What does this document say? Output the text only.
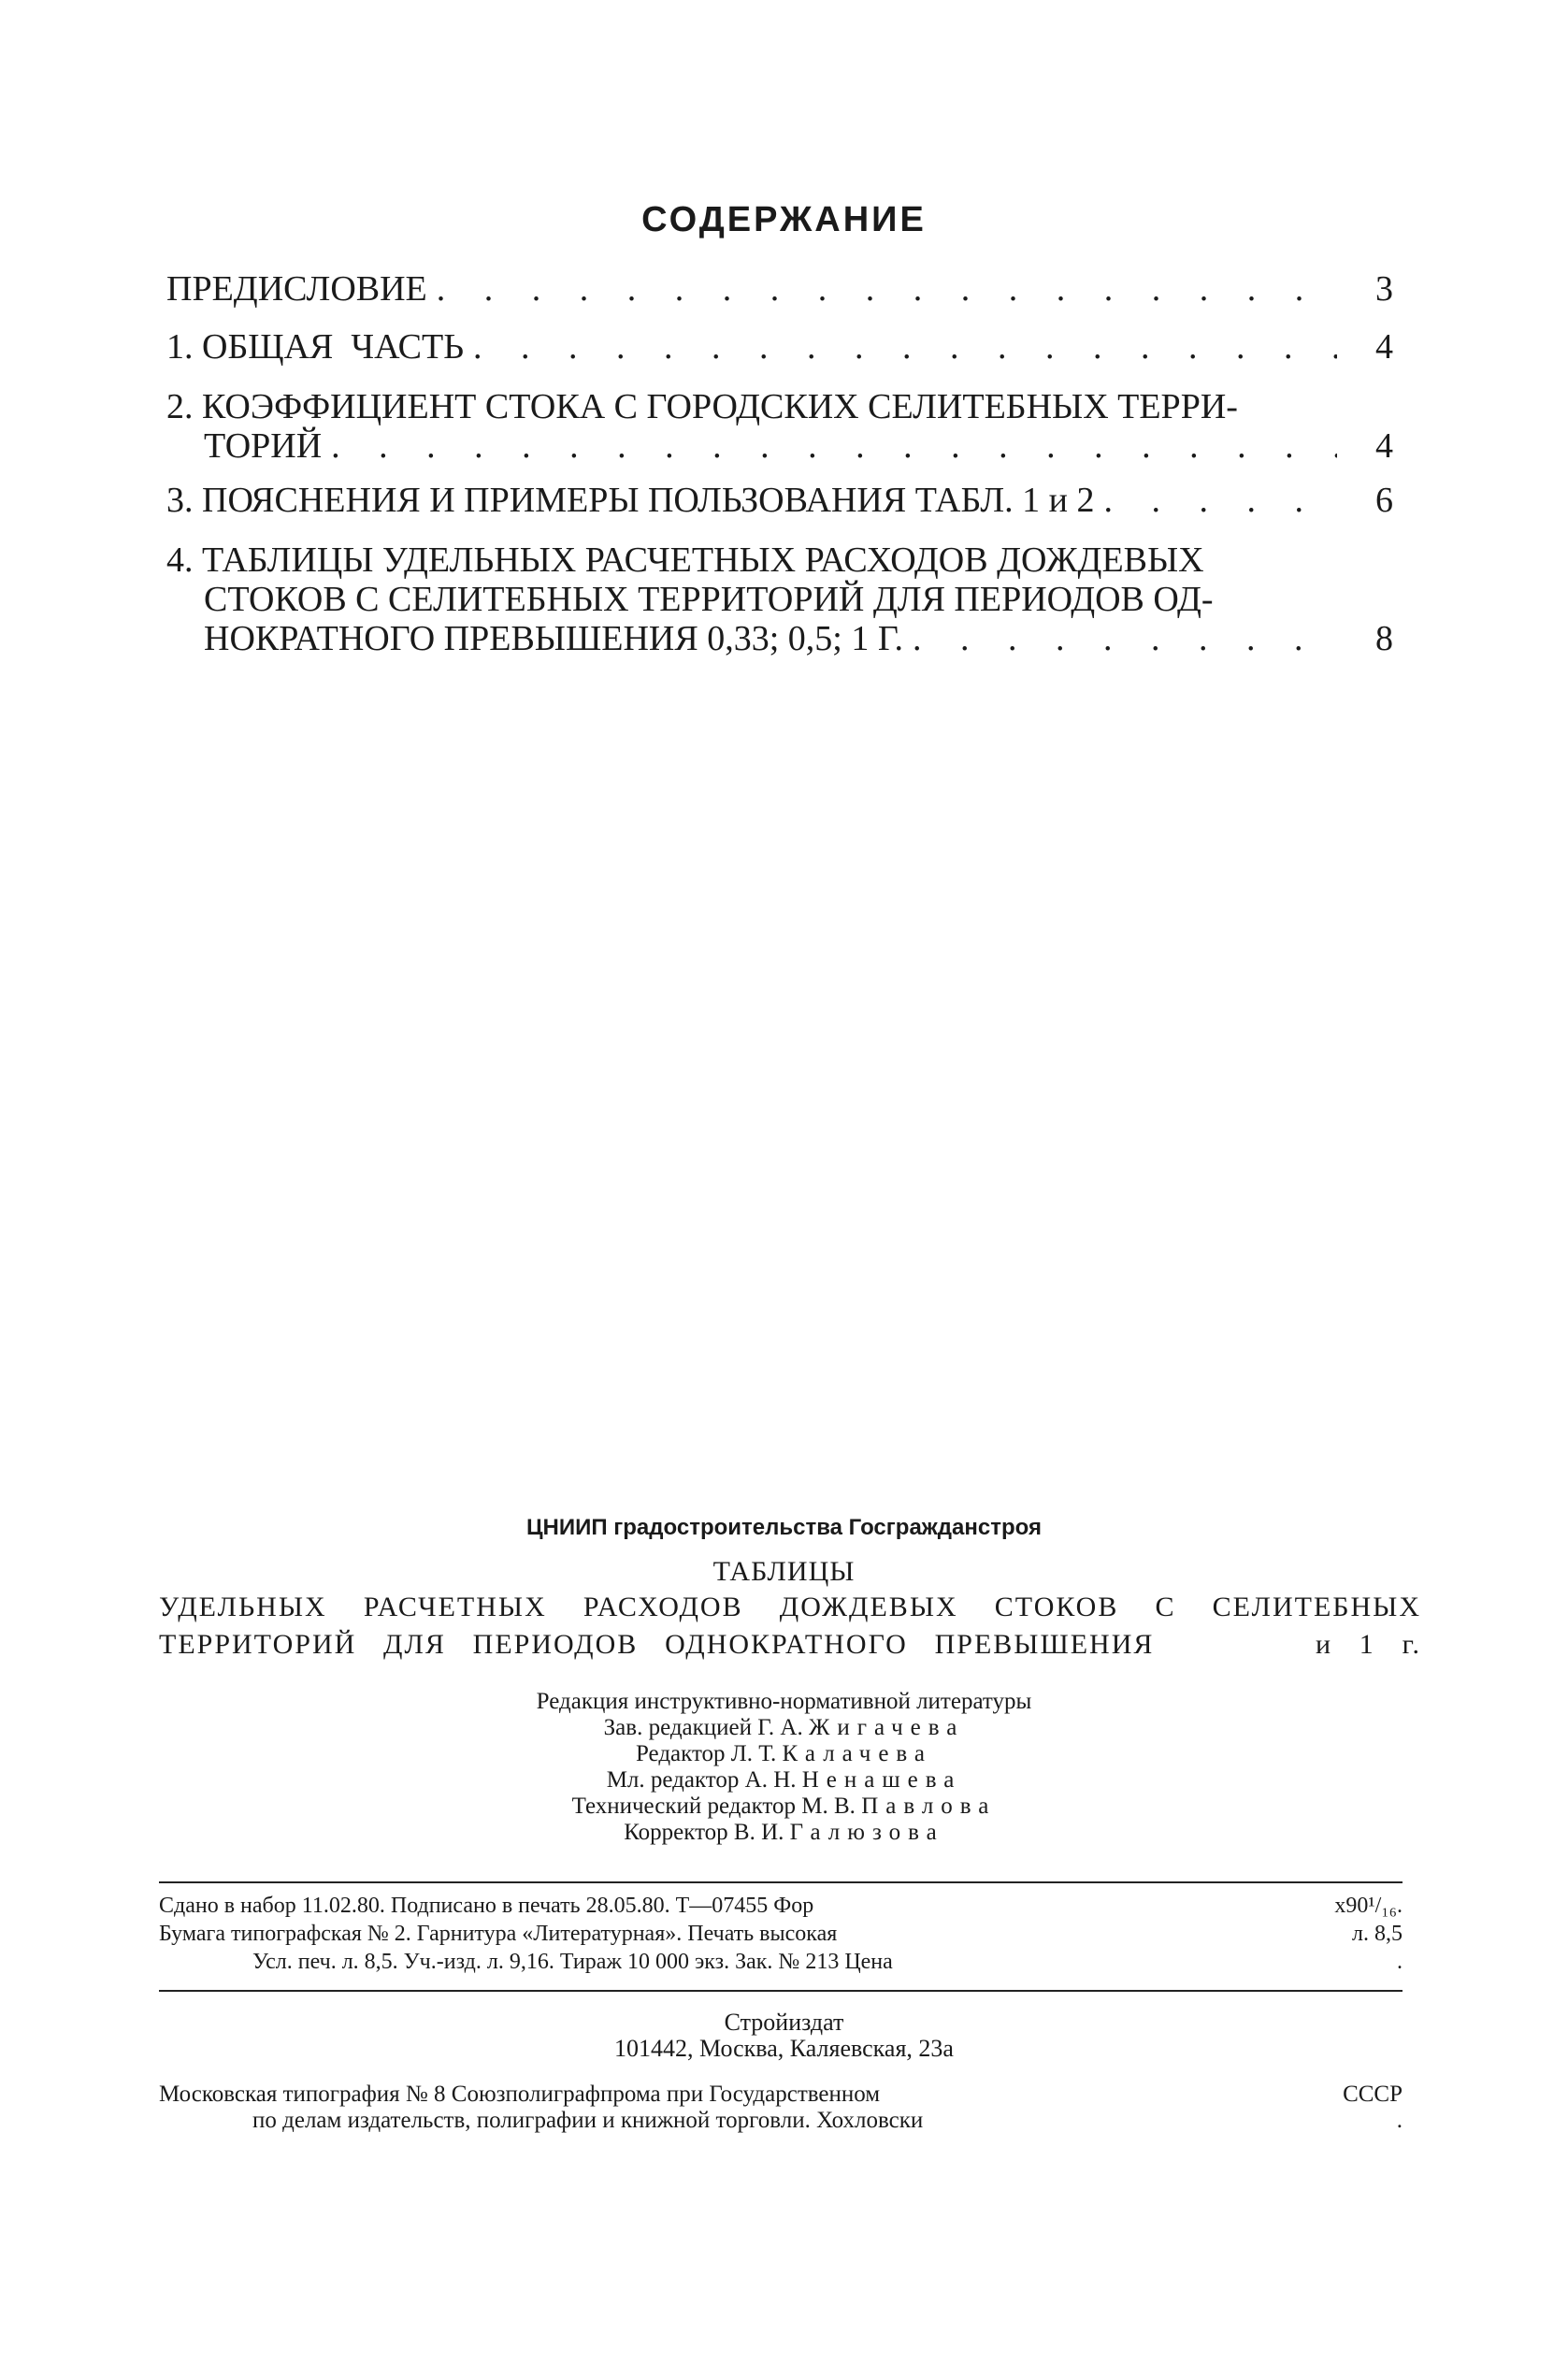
СОДЕРЖАНИЕ
ПРЕДИСЛОВИЕ . . .	3
1. ОБЩАЯ  ЧАСТЬ . . .	4
2. КОЭФФИЦИЕНТ СТОКА С ГОРОДСКИХ СЕЛИТЕБНЫХ ТЕРРИ-
ТОРИЙ . . .	4
3. ПОЯСНЕНИЯ И ПРИМЕРЫ ПОЛЬЗОВАНИЯ ТАБЛ. 1 и 2 . . .	6
4. ТАБЛИЦЫ УДЕЛЬНЫХ РАСЧЕТНЫХ РАСХОДОВ ДОЖДЕВЫХ
СТОКОВ С СЕЛИТЕБНЫХ ТЕРРИТОРИЙ ДЛЯ ПЕРИОДОВ ОД-
НОКРАТНОГО ПРЕВЫШЕНИЯ 0,33; 0,5; 1 Г. . . .	8
ЦНИИП градостроительства Госгражданстроя
ТАБЛИЦЫ
УДЕЛЬНЫХ РАСЧЕТНЫХ РАСХОДОВ ДОЖДЕВЫХ СТОКОВ С СЕЛИТЕБНЫХ
ТЕРРИТОРИЙ ДЛЯ ПЕРИОДОВ ОДНОКРАТНОГО ПРЕВЫШЕНИЯ      и 1 г.
Редакция инструктивно-нормативной литературы
Зав. редакцией Г. А. Жигачева
Редактор Л. Т. Калачева
Мл. редактор А. Н. Ненашева
Технический редактор М. В. Павлова
Корректор В. И. Галюзова
Сдано в набор 11.02.80. Подписано в печать 28.05.80. Т—07455 Фор	х90¹/₁₆.
Бумага типографская № 2. Гарнитура «Литературная». Печать высокая	л. 8,5
Усл. печ. л. 8,5. Уч.-изд. л. 9,16. Тираж 10 000 экз. Зак. № 213 Цена	.
Стройиздат
101442, Москва, Каляевская, 23а
Московская типография № 8 Союзполиграфпрома при Государственном	СССР
по делам издательств, полиграфии и книжной торговли. Хохловски	.
